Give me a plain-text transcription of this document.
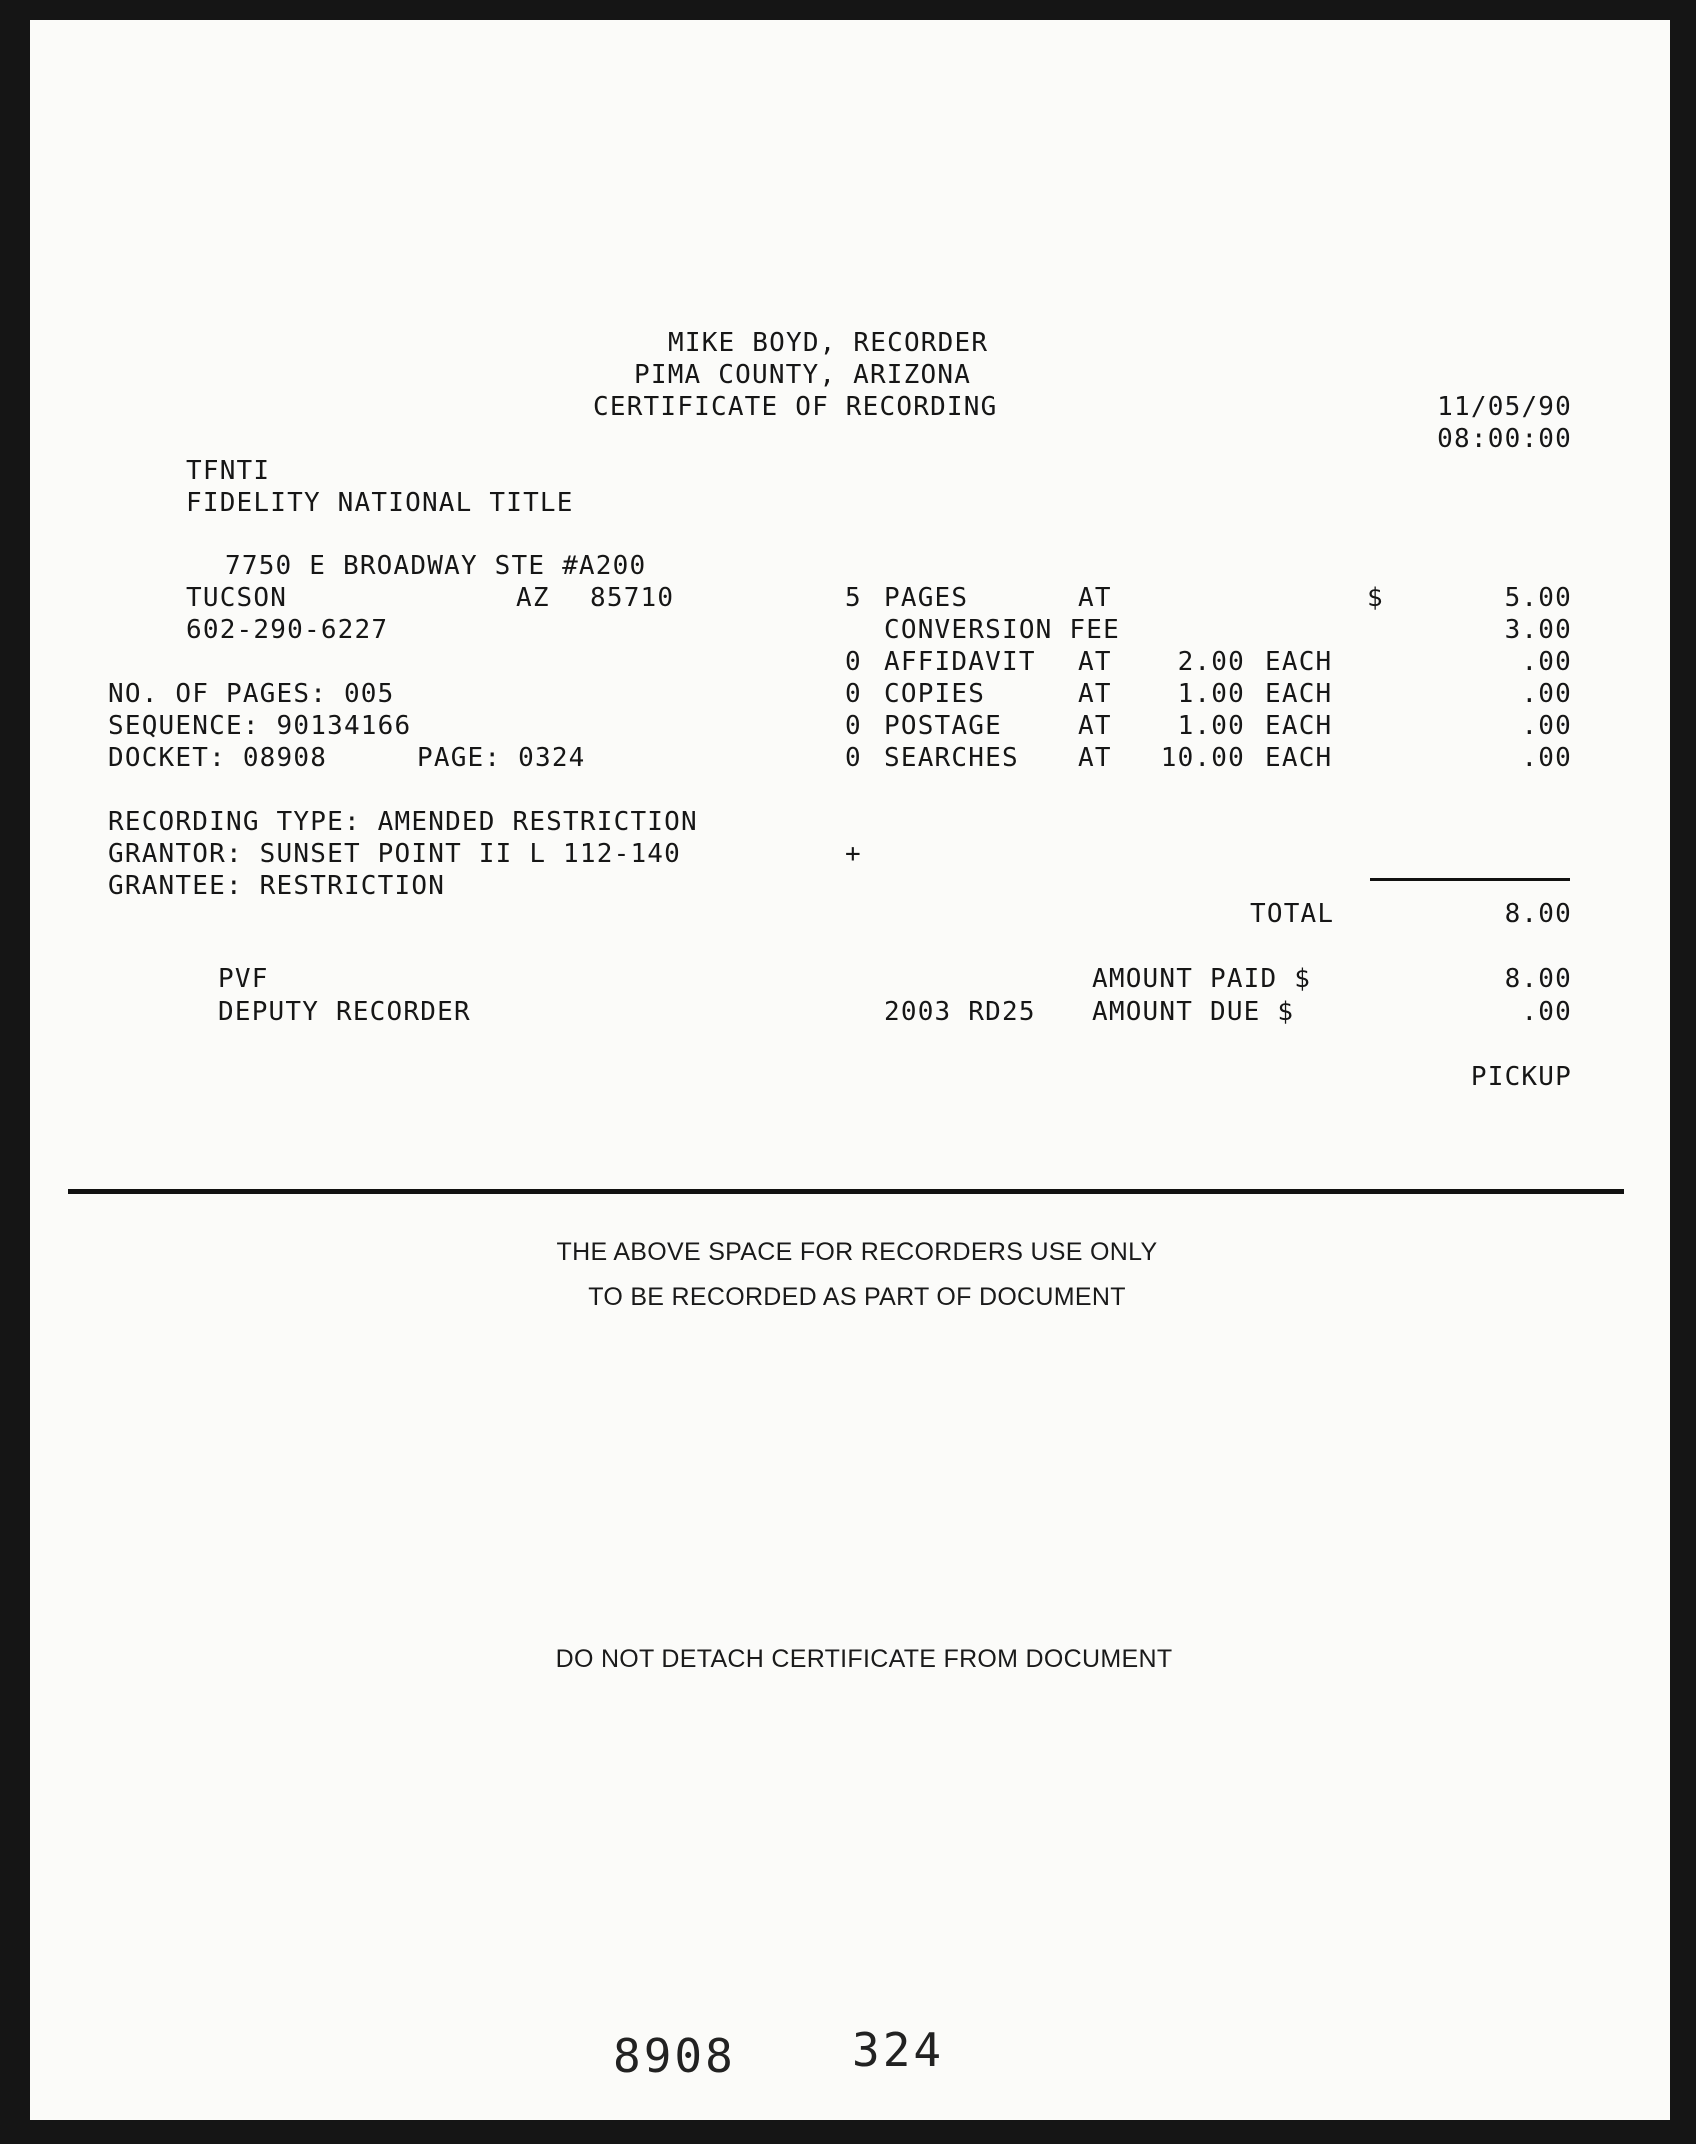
MIKE BOYD, RECORDER

PIMA COUNTY, ARIZONA

CERTIFICATE OF RECORDING	11/05/90

08:00:00

TFNTI

FIDELITY NATIONAL TITLE

7750 E BROADWAY STE #A200

TUCSON	AZ 85710

602-290-6227

NO. OF PAGES: 005

SEQUENCE: 90134166

DOCKET: 08908	PAGE: 0324

5 PAGES	AT	$	5.00

CONVERSION FEE	3.00

0 AFFIDAVIT AT	2.00 EACH	.00

0 COPIES	AT	1.00 EACH	.00

0 POSTAGE	AT	1.00 EACH	.00

0 SEARCHES AT	10.00 EACH	.00

RECORDING TYPE: AMENDED RESTRICTION

GRANTOR: SUNSET POINT II L 112-140	+

GRANTEE: RESTRICTION

TOTAL	8.00

PVF	AMOUNT PAID $	8.00

DEPUTY RECORDER	2003 RD25 AMOUNT DUE $	.00

PICKUP

THE ABOVE SPACE FOR RECORDERS USE ONLY

TO BE RECORDED AS PART OF DOCUMENT

DO NOT DETACH CERTIFICATE FROM DOCUMENT

8908	324
